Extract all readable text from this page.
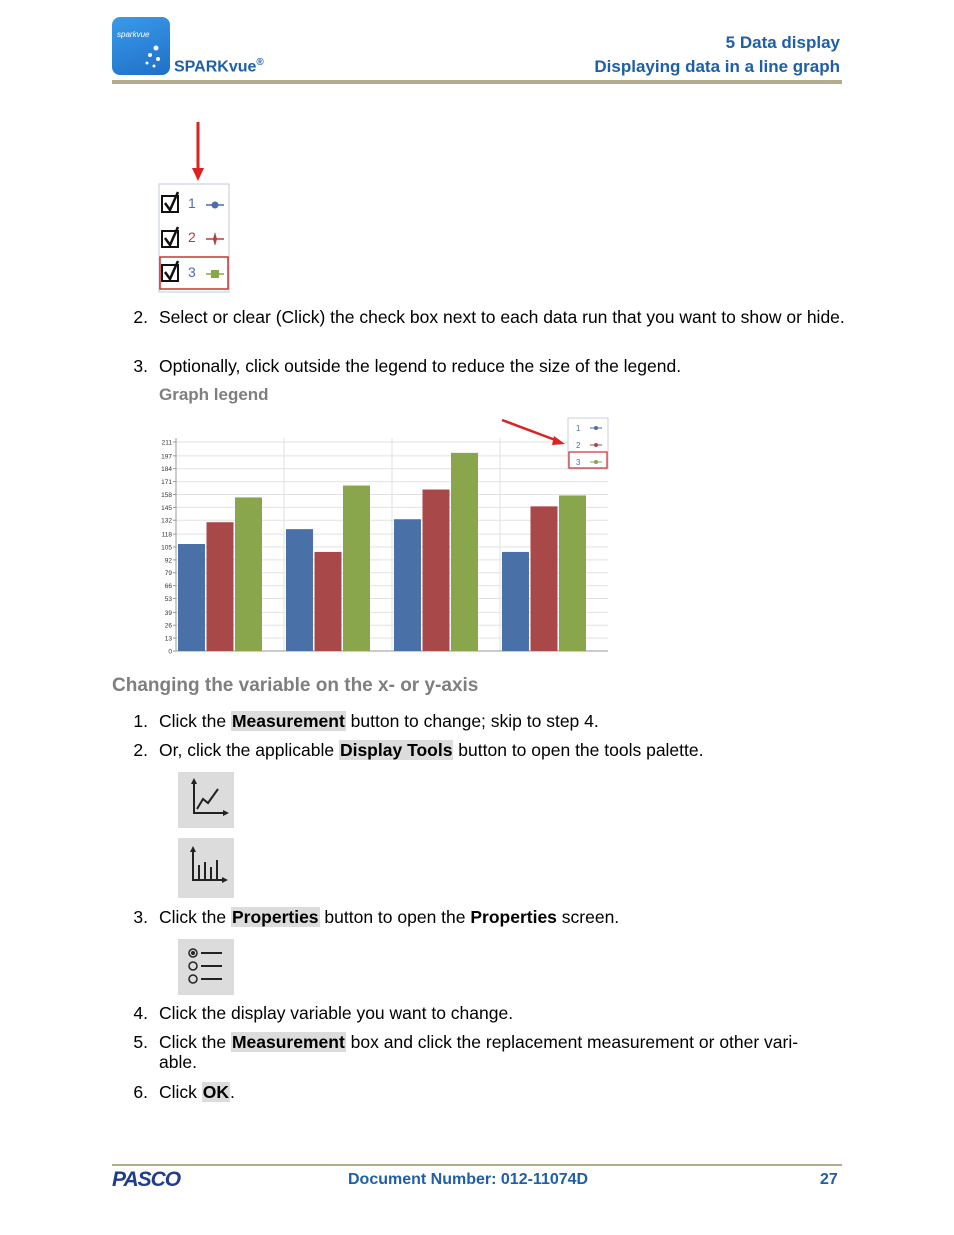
sparkvue
SPARKvue®
5 Data display
Displaying data in a line graph
1
2
3
2. Select or clear (Click) the check box next to each data run that you want to show or hide.
3. Optionally, click outside the legend to reduce the size of the legend.
Graph legend
0
13
26
39
53
66
79
92
105
118
132
145
158
171
184
197
211
1
2
3
Changing the variable on the x- or y-axis
1. Click the Measurement button to change; skip to step 4.
2. Or, click the applicable Display Tools button to open the tools palette.
3. Click the Properties button to open the Properties screen.
4. Click the display variable you want to change.
5. Click the Measurement box and click the replacement measurement or other vari-
able.
6. Click OK.
PASCO	Document Number: 012-11074D	27
